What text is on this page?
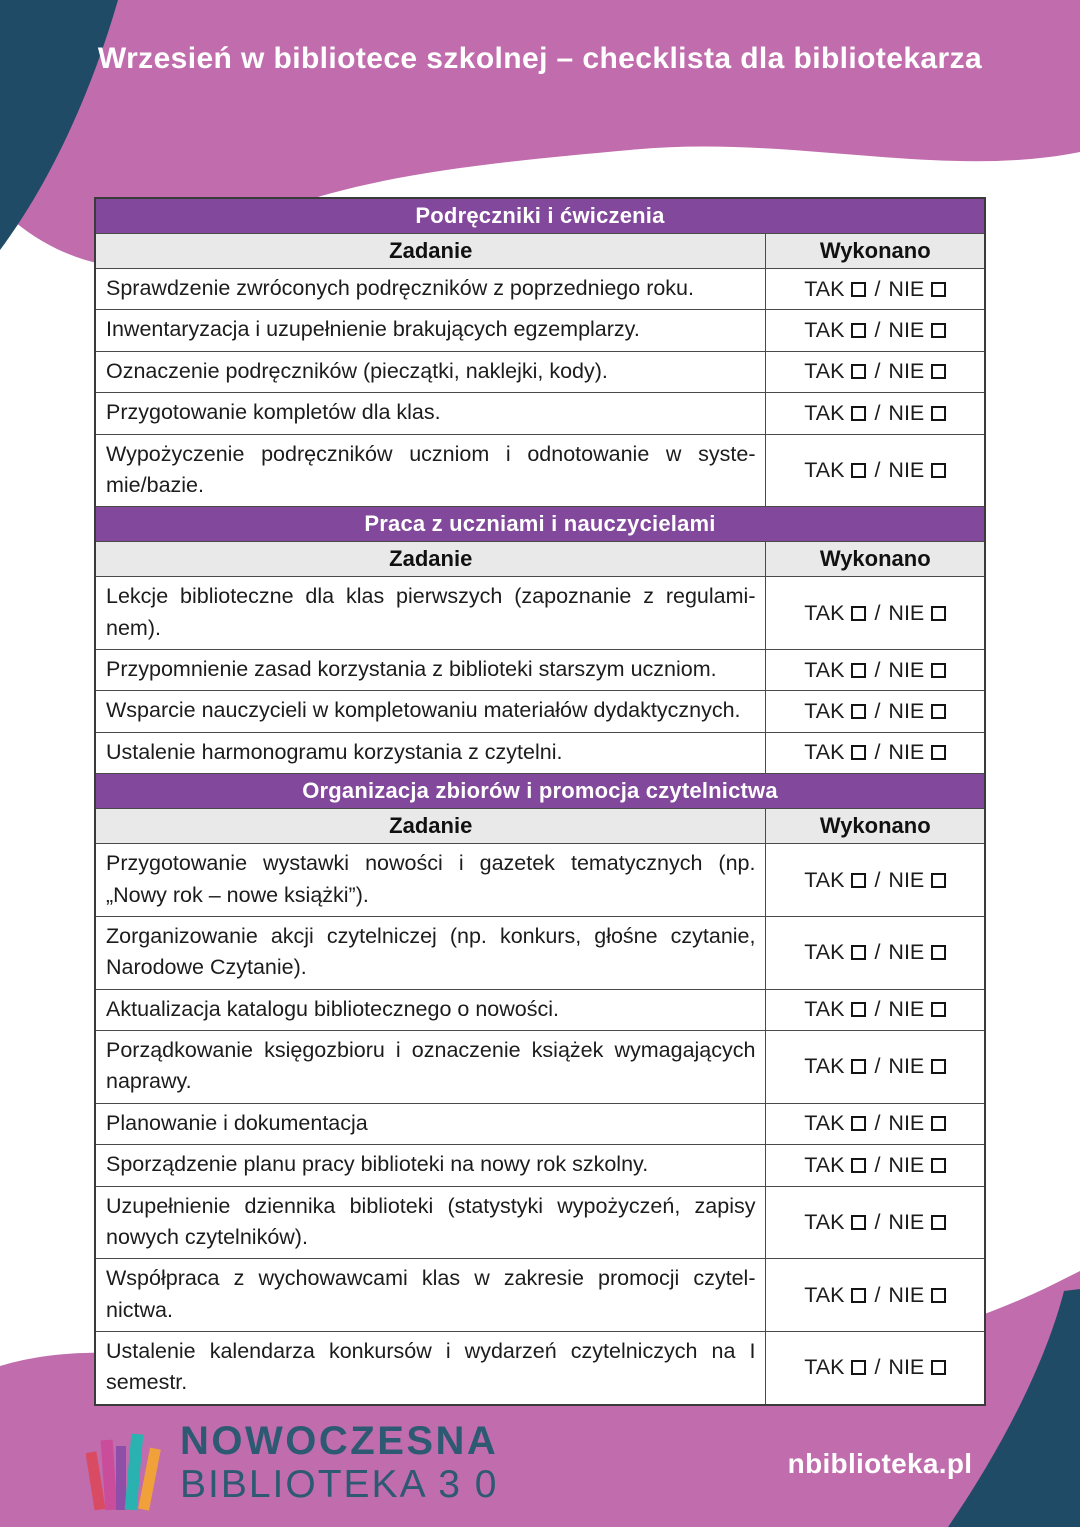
Wrzesień w bibliotece szkolnej – checklista dla bibliotekarza
Podręczniki i ćwiczenia	
Zadanie	Wykonano
Sprawdzenie zwróconych podręczników z poprzedniego roku.	TAK / NIE
Inwentaryzacja i uzupełnienie brakujących egzemplarzy.	TAK / NIE
Oznaczenie podręczników (pieczątki, naklejki, kody).	TAK / NIE
Przygotowanie kompletów dla klas.	TAK / NIE
Wypożyczenie podręczników uczniom i odnotowanie w systemie/bazie.	TAK / NIE
Praca z uczniami i nauczycielami	
Zadanie	Wykonano
Lekcje biblioteczne dla klas pierwszych (zapoznanie z regulaminem).	TAK / NIE
Przypomnienie zasad korzystania z biblioteki starszym uczniom.	TAK / NIE
Wsparcie nauczycieli w kompletowaniu materiałów dydaktycznych.	TAK / NIE
Ustalenie harmonogramu korzystania z czytelni.	TAK / NIE
Organizacja zbiorów i promocja czytelnictwa	
Zadanie	Wykonano
Przygotowanie wystawki nowości i gazetek tematycznych (np. „Nowy rok – nowe książki”).	TAK / NIE
Zorganizowanie akcji czytelniczej (np. konkurs, głośne czytanie, Narodowe Czytanie).	TAK / NIE
Aktualizacja katalogu bibliotecznego o nowości.	TAK / NIE
Porządkowanie księgozbioru i oznaczenie książek wymagających naprawy.	TAK / NIE
Planowanie i dokumentacja	TAK / NIE
Sporządzenie planu pracy biblioteki na nowy rok szkolny.	TAK / NIE
Uzupełnienie dziennika biblioteki (statystyki wypożyczeń, zapisy nowych czytelników).	TAK / NIE
Współpraca z wychowawcami klas w zakresie promocji czytelnictwa.	TAK / NIE
Ustalenie kalendarza konkursów i wydarzeń czytelniczych na I semestr.	TAK / NIE
NOWOCZESNA
BIBLIOTEKA 3 0	nbiblioteka.pl
